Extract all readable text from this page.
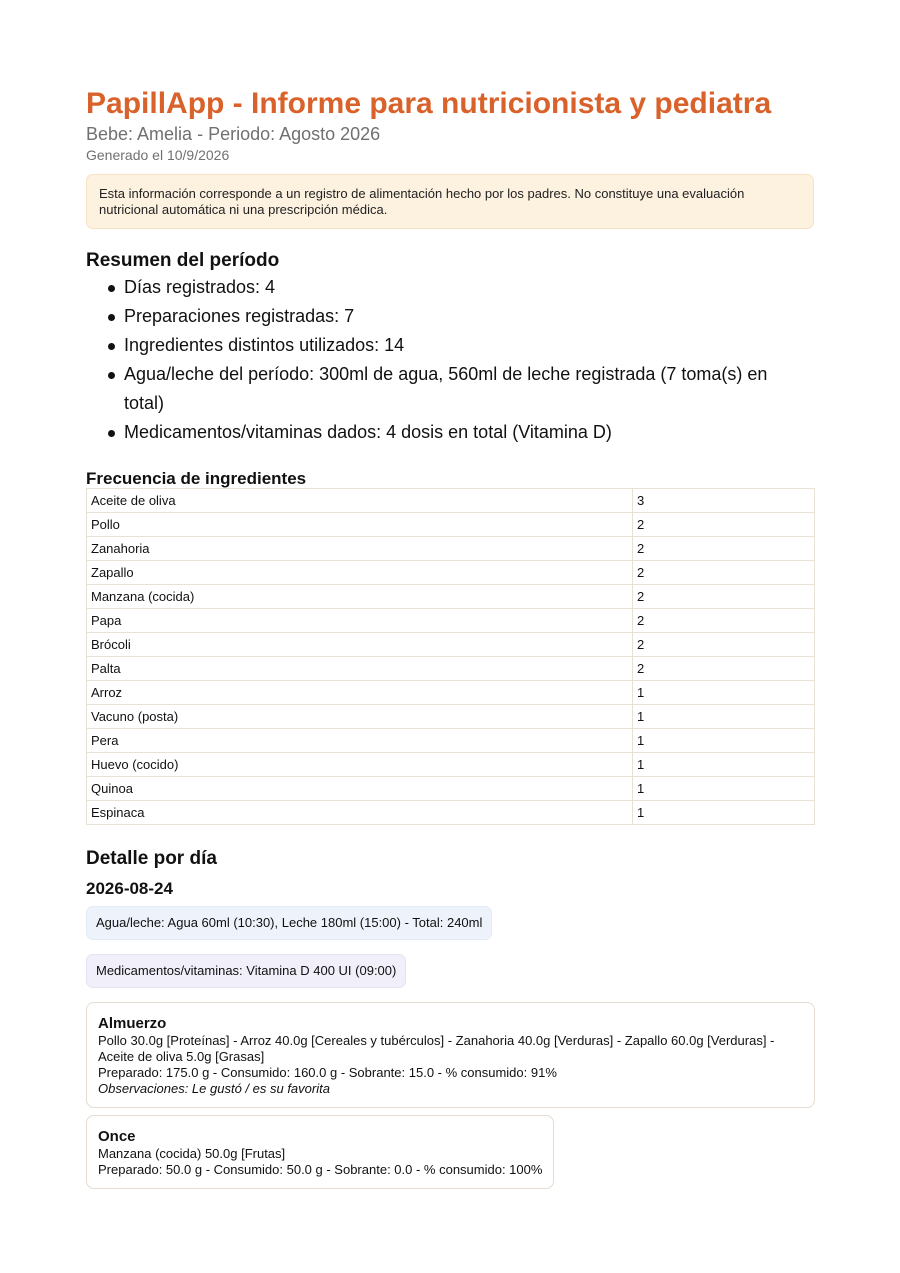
PapillApp - Informe para nutricionista y pediatra
Bebe: Amelia - Periodo: Agosto 2026
Generado el 10/9/2026
Esta información corresponde a un registro de alimentación hecho por los padres. No constituye una evaluación nutricional automática ni una prescripción médica.
Resumen del período
Días registrados: 4
Preparaciones registradas: 7
Ingredientes distintos utilizados: 14
Agua/leche del período: 300ml de agua, 560ml de leche registrada (7 toma(s) en total)
Medicamentos/vitaminas dados: 4 dosis en total (Vitamina D)
Frecuencia de ingredientes
Aceite de oliva	3
Pollo	2
Zanahoria	2
Zapallo	2
Manzana (cocida)	2
Papa	2
Brócoli	2
Palta	2
Arroz	1
Vacuno (posta)	1
Pera	1
Huevo (cocido)	1
Quinoa	1
Espinaca	1
Detalle por día
2026-08-24
Agua/leche: Agua 60ml (10:30), Leche 180ml (15:00) - Total: 240ml
Medicamentos/vitaminas: Vitamina D 400 UI (09:00)
Almuerzo
Pollo 30.0g [Proteínas] - Arroz 40.0g [Cereales y tubérculos] - Zanahoria 40.0g [Verduras] - Zapallo 60.0g [Verduras] - Aceite de oliva 5.0g [Grasas]
Preparado: 175.0 g - Consumido: 160.0 g - Sobrante: 15.0 - % consumido: 91%
Observaciones: Le gustó / es su favorita
Once
Manzana (cocida) 50.0g [Frutas]
Preparado: 50.0 g - Consumido: 50.0 g - Sobrante: 0.0 - % consumido: 100%
